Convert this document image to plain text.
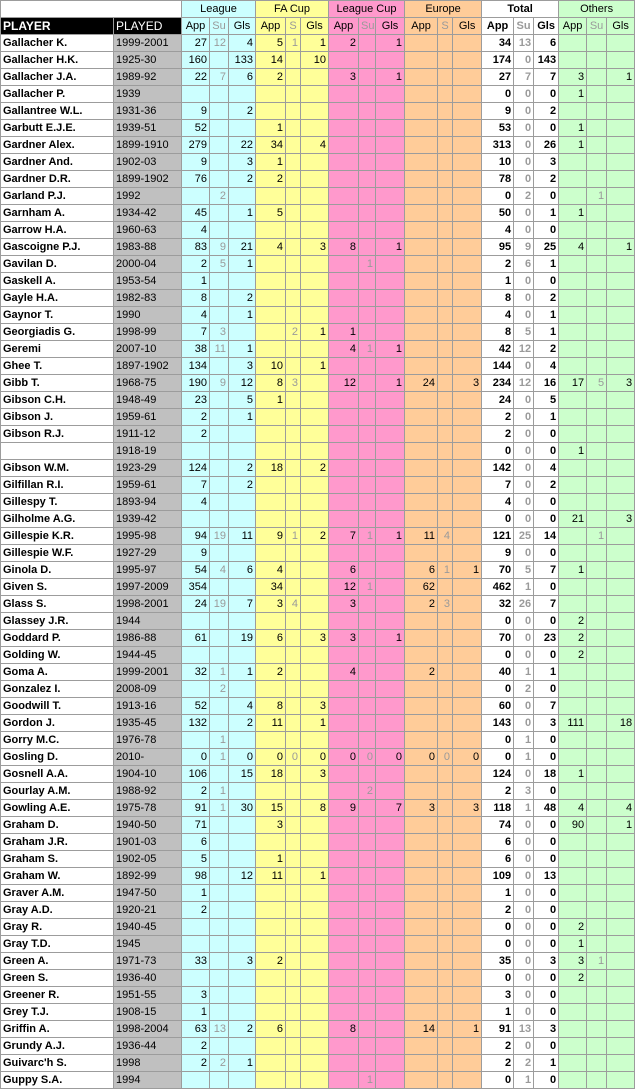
		League			FA Cup			League Cup			Europe			Total			Others		
PLAYER	PLAYED	App	Su	Gls	App	S	Gls	App	Su	Gls	App	S	Gls	App	Su	Gls	App	Su	Gls
Gallacher K.	1999-2001	27	12	4	5	1	1	2		1				34	13	6			
Gallacher H.K.	1925-30	160		133	14		10							174	0	143			
Gallacher J.A.	1989-92	22	7	6	2			3		1				27	7	7	3		1
Gallacher P.	1939													0	0	0	1		
Gallantree W.L.	1931-36	9		2										9	0	2			
Garbutt E.J.E.	1939-51	52			1									53	0	0	1		
Gardner Alex.	1899-1910	279		22	34		4							313	0	26	1		
Gardner And.	1902-03	9		3	1									10	0	3			
Gardner D.R.	1899-1902	76		2	2									78	0	2			
Garland P.J.	1992		2											0	2	0		1	
Garnham A.	1934-42	45		1	5									50	0	1	1		
Garrow H.A.	1960-63	4												4	0	0			
Gascoigne P.J.	1983-88	83	9	21	4		3	8		1				95	9	25	4		1
Gavilan D.	2000-04	2	5	1					1					2	6	1			
Gaskell A.	1953-54	1												1	0	0			
Gayle H.A.	1982-83	8		2										8	0	2			
Gaynor T.	1990	4		1										4	0	1			
Georgiadis G.	1998-99	7	3			2	1	1						8	5	1			
Geremi	2007-10	38	11	1				4	1	1				42	12	2			
Ghee T.	1897-1902	134		3	10		1							144	0	4			
Gibb T.	1968-75	190	9	12	8	3		12		1	24		3	234	12	16	17	5	3
Gibson C.H.	1948-49	23		5	1									24	0	5			
Gibson J.	1959-61	2		1										2	0	1			
Gibson R.J.	1911-12	2												2	0	0			
	1918-19													0	0	0	1		
Gibson W.M.	1923-29	124		2	18		2							142	0	4			
Gilfillan R.I.	1959-61	7		2										7	0	2			
Gillespy T.	1893-94	4												4	0	0			
Gilholme A.G.	1939-42													0	0	0	21		3
Gillespie K.R.	1995-98	94	19	11	9	1	2	7	1	1	11	4		121	25	14		1	
Gillespie W.F.	1927-29	9												9	0	0			
Ginola D.	1995-97	54	4	6	4			6			6	1	1	70	5	7	1		
Given S.	1997-2009	354			34			12	1		62			462	1	0			
Glass S.	1998-2001	24	19	7	3	4		3			2	3		32	26	7			
Glassey J.R.	1944													0	0	0	2		
Goddard P.	1986-88	61		19	6		3	3		1				70	0	23	2		
Golding W.	1944-45													0	0	0	2		
Goma A.	1999-2001	32	1	1	2			4			2			40	1	1			
Gonzalez I.	2008-09		2											0	2	0			
Goodwill T.	1913-16	52		4	8		3							60	0	7			
Gordon J.	1935-45	132		2	11		1							143	0	3	111		18
Gorry M.C.	1976-78		1											0	1	0			
Gosling D.	2010-	0	1	0	0	0	0	0	0	0	0	0	0	0	1	0			
Gosnell A.A.	1904-10	106		15	18		3							124	0	18	1		
Gourlay A.M.	1988-92	2	1						2					2	3	0			
Gowling A.E.	1975-78	91	1	30	15		8	9		7	3		3	118	1	48	4		4
Graham D.	1940-50	71			3									74	0	0	90		1
Graham J.R.	1901-03	6												6	0	0			
Graham S.	1902-05	5			1									6	0	0			
Graham W.	1892-99	98		12	11		1							109	0	13			
Graver A.M.	1947-50	1												1	0	0			
Gray A.D.	1920-21	2												2	0	0			
Gray R.	1940-45													0	0	0	2		
Gray T.D.	1945													0	0	0	1		
Green A.	1971-73	33		3	2									35	0	3	3	1	
Green S.	1936-40													0	0	0	2		
Greener R.	1951-55	3												3	0	0			
Grey T.J.	1908-15	1												1	0	0			
Griffin A.	1998-2004	63	13	2	6			8			14		1	91	13	3			
Grundy A.J.	1936-44	2												2	0	0			
Guivarc'h S.	1998	2	2	1										2	2	1			
Guppy S.A.	1994								1					0	1	0			
